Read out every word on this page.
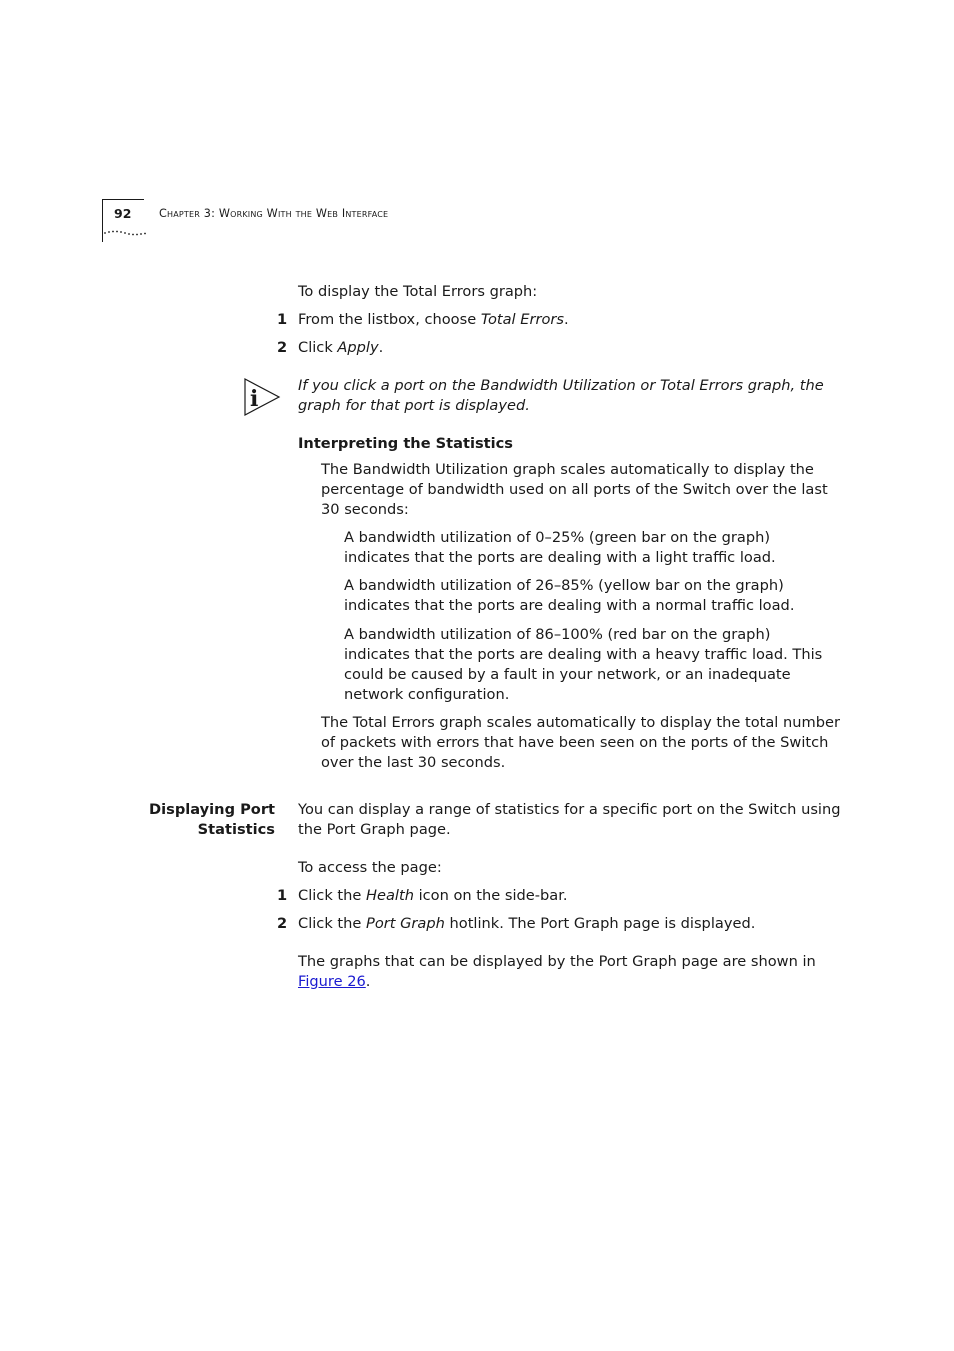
92 Chapter 3: Working With the Web Interface
To display the Total Errors graph:
1 From the listbox, choose Total Errors.
2 Click Apply.
i
If you click a port on the Bandwidth Utilization or Total Errors graph, the
graph for that port is displayed.
Interpreting the Statistics
The Bandwidth Utilization graph scales automatically to display the
percentage of bandwidth used on all ports of the Switch over the last
30 seconds:
A bandwidth utilization of 0–25% (green bar on the graph)
indicates that the ports are dealing with a light traffic load.
A bandwidth utilization of 26–85% (yellow bar on the graph)
indicates that the ports are dealing with a normal traffic load.
A bandwidth utilization of 86–100% (red bar on the graph)
indicates that the ports are dealing with a heavy traffic load. This
could be caused by a fault in your network, or an inadequate
network configuration.
The Total Errors graph scales automatically to display the total number
of packets with errors that have been seen on the ports of the Switch
over the last 30 seconds.
Displaying Port
Statistics
You can display a range of statistics for a specific port on the Switch using
the Port Graph page.
To access the page:
1 Click the Health icon on the side-bar.
2 Click the Port Graph hotlink. The Port Graph page is displayed.
The graphs that can be displayed by the Port Graph page are shown in
Figure 26.
